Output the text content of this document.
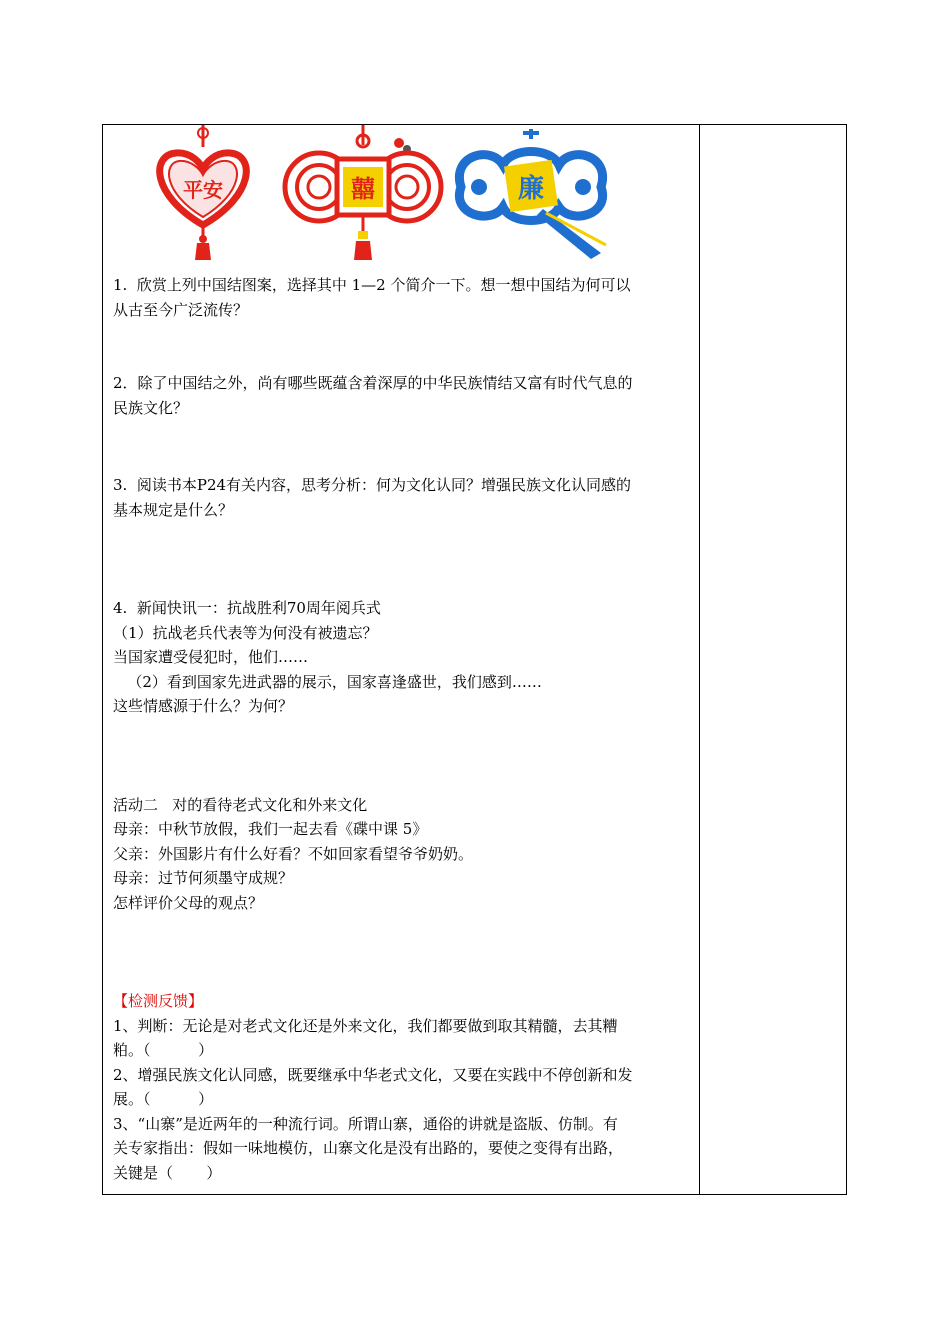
平安	囍	廉

1.  欣赏上列中国结图案，选择其中 1—2 个简介一下。想一想中国结为何可以

从古至今广泛流传？

2．除了中国结之外，尚有哪些既蕴含着深厚的中华民族情结又富有时代气息的

民族文化？

3.  阅读书本P24有关内容，思考分析：何为文化认同？增强民族文化认同感的

基本规定是什么？

4.  新闻快讯一：抗战胜利70周年阅兵式

（1）抗战老兵代表等为何没有被遗忘？

当国家遭受侵犯时，他们……

（2）看到国家先进武器的展示，国家喜逢盛世，我们感到……

这些情感源于什么？为何？

活动二   对的看待老式文化和外来文化

母亲：中秋节放假，我们一起去看《碟中课 5》

父亲：外国影片有什么好看？不如回家看望爷爷奶奶。

母亲：过节何须墨守成规？

怎样评价父母的观点？

【检测反馈】

1、判断：无论是对老式文化还是外来文化，我们都要做到取其精髓，去其糟

粕。（          ）

2、增强民族文化认同感，既要继承中华老式文化，又要在实践中不停创新和发

展。（          ）

3、“山寨”是近两年的一种流行词。所谓山寨，通俗的讲就是盗版、仿制。有

关专家指出：假如一味地模仿，山寨文化是没有出路的，要使之变得有出路，

关键是（       ）
